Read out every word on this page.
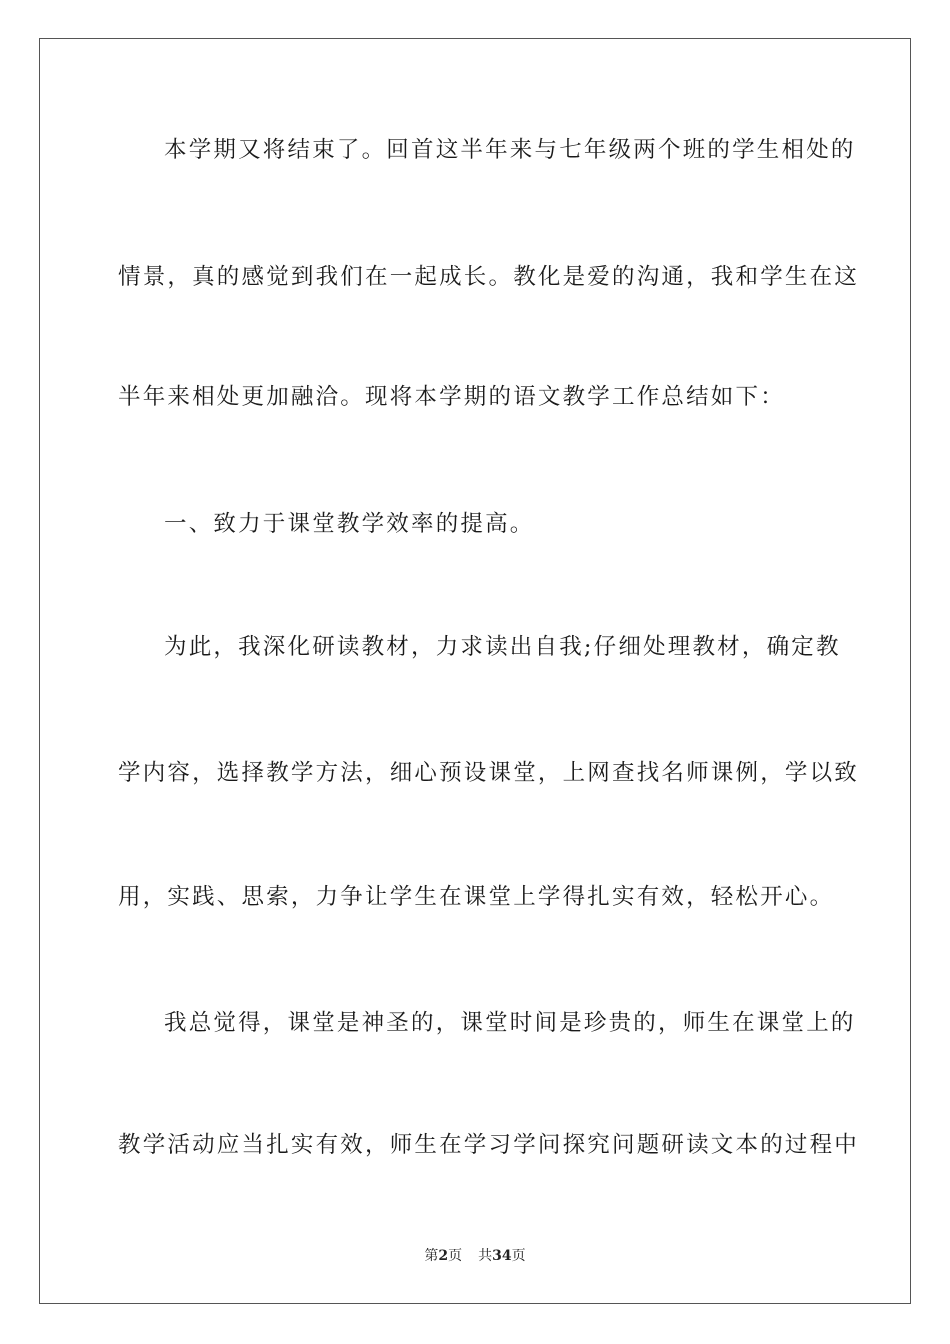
本学期又将结束了。回首这半年来与七年级两个班的学生相处的
情景，真的感觉到我们在一起成长。教化是爱的沟通，我和学生在这
半年来相处更加融洽。现将本学期的语文教学工作总结如下：
一、致力于课堂教学效率的提高。
为此，我深化研读教材，力求读出自我;仔细处理教材，确定教
学内容，选择教学方法，细心预设课堂，上网查找名师课例，学以致
用，实践、思索，力争让学生在课堂上学得扎实有效，轻松开心。
我总觉得，课堂是神圣的，课堂时间是珍贵的，师生在课堂上的
教学活动应当扎实有效，师生在学习学问探究问题研读文本的过程中
第2页 共34页
